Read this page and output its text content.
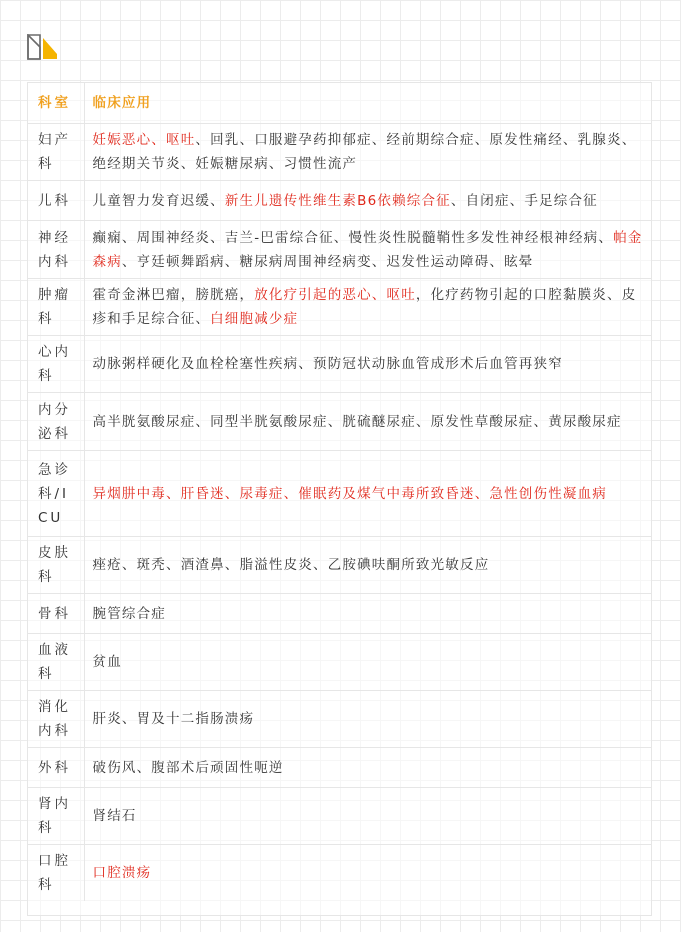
科室	临床应用
妇产科	妊娠恶心、呕吐、回乳、口服避孕药抑郁症、经前期综合症、原发性痛经、乳腺炎、绝经期关节炎、妊娠糖尿病、习惯性流产
儿科	儿童智力发育迟缓、新生儿遗传性维生素B6依赖综合征、自闭症、手足综合征
神经内科	癫痫、周围神经炎、吉兰-巴雷综合征、慢性炎性脱髓鞘性多发性神经根神经病、帕金森病、亨廷顿舞蹈病、糖尿病周围神经病变、迟发性运动障碍、眩晕
肿瘤科	霍奇金淋巴瘤，膀胱癌，放化疗引起的恶心、呕吐，化疗药物引起的口腔黏膜炎、皮疹和手足综合征、白细胞减少症
心内科	动脉粥样硬化及血栓栓塞性疾病、预防冠状动脉血管成形术后血管再狭窄
内分泌科	高半胱氨酸尿症、同型半胱氨酸尿症、胱硫醚尿症、原发性草酸尿症、黄尿酸尿症
急诊科/ICU	异烟肼中毒、肝昏迷、尿毒症、催眠药及煤气中毒所致昏迷、急性创伤性凝血病
皮肤科	痤疮、斑秃、酒渣鼻、脂溢性皮炎、乙胺碘呋酮所致光敏反应
骨科	腕管综合症
血液科	贫血
消化内科	肝炎、胃及十二指肠溃疡
外科	破伤风、腹部术后顽固性呃逆
肾内科	肾结石
口腔科	口腔溃疡
